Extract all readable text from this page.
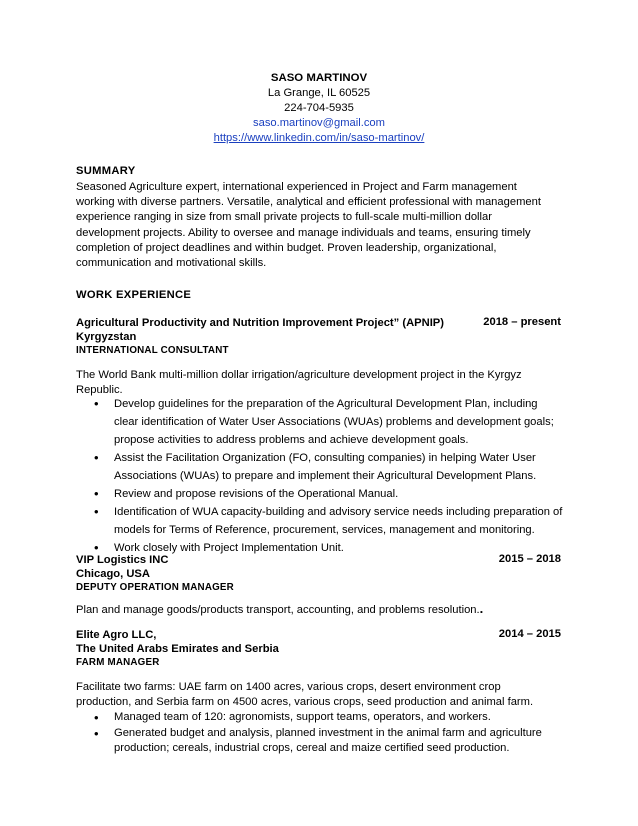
SASO MARTINOV
La Grange, IL 60525
224-704-5935
saso.martinov@gmail.com
https://www.linkedin.com/in/saso-martinov/
SUMMARY
Seasoned Agriculture expert, international experienced in Project and Farm management
working with diverse partners. Versatile, analytical and efficient professional with management
experience ranging in size from small private projects to full-scale multi-million dollar
development projects. Ability to oversee and manage individuals and teams, ensuring timely
completion of project deadlines and within budget. Proven leadership, organizational,
communication and motivational skills.
WORK EXPERIENCE
Agricultural Productivity and Nutrition Improvement Project” (APNIP)	2018 – present
Kyrgyzstan
INTERNATIONAL CONSULTANT
The World Bank multi-million dollar irrigation/agriculture development project in the Kyrgyz
Republic.
• Develop guidelines for the preparation of the Agricultural Development Plan, including clear identification of Water User Associations (WUAs) problems and development goals; propose activities to address problems and achieve development goals.
• Assist the Facilitation Organization (FO, consulting companies) in helping Water User Associations (WUAs) to prepare and implement their Agricultural Development Plans.
• Review and propose revisions of the Operational Manual.
• Identification of WUA capacity-building and advisory service needs including preparation of models for Terms of Reference, procurement, services, management and monitoring.
• Work closely with Project Implementation Unit.
VIP Logistics INC	2015 – 2018
Chicago, USA
DEPUTY OPERATION MANAGER
Plan and manage goods/products transport, accounting, and problems resolution..
Elite Agro LLC,	2014 – 2015
The United Arabs Emirates and Serbia
FARM MANAGER
Facilitate two farms: UAE farm on 1400 acres, various crops, desert environment crop
production, and Serbia farm on 4500 acres, various crops, seed production and animal farm.
• Managed team of 120: agronomists, support teams, operators, and workers.
• Generated budget and analysis, planned investment in the animal farm and agriculture production; cereals, industrial crops, cereal and maize certified seed production.
